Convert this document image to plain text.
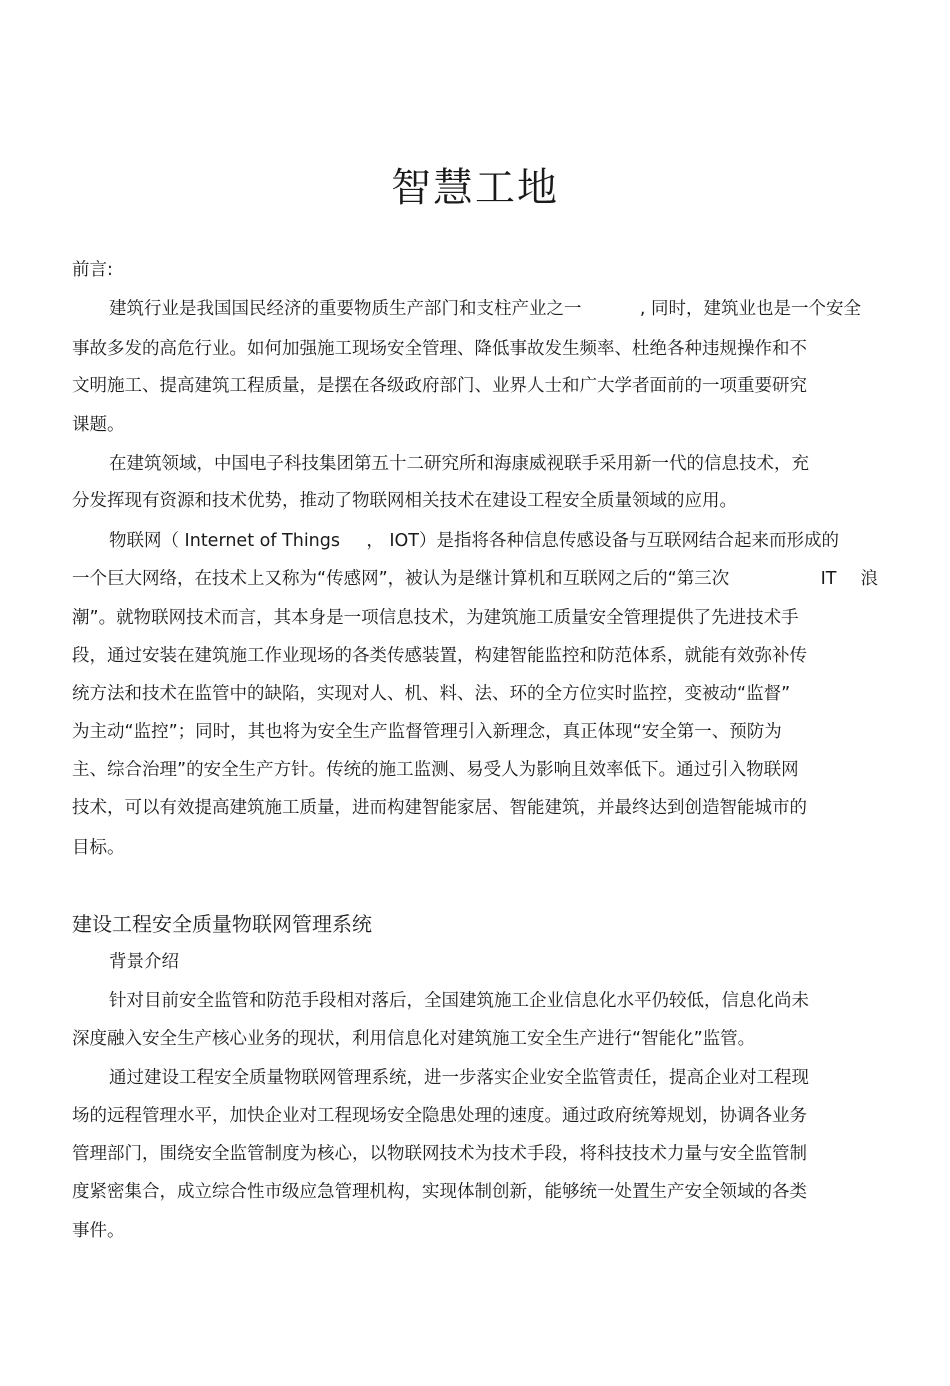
智慧工地

前言:

建筑行业是我国国民经济的重要物质生产部门和支柱产业之一	, 同时，建筑业也是一个安全

事故多发的高危行业。如何加强施工现场安全管理、降低事故发生频率、杜绝各种违规操作和不

文明施工、提高建筑工程质量，是摆在各级政府部门、业界人士和广大学者面前的一项重要研究

课题。

在建筑领域，中国电子科技集团第五十二研究所和海康威视联手采用新一代的信息技术，充

分发挥现有资源和技术优势，推动了物联网相关技术在建设工程安全质量领域的应用。

物联网（ Internet of Things ， IOT）是指将各种信息传感设备与互联网结合起来而形成的
一个巨大网络，在技术上又称为“传感网”，被认为是继计算机和互联网之后的“第三次	IT 浪

潮”。就物联网技术而言，其本身是一项信息技术，为建筑施工质量安全管理提供了先进技术手

段，通过安装在建筑施工作业现场的各类传感装置，构建智能监控和防范体系，就能有效弥补传

统方法和技术在监管中的缺陷，实现对人、机、料、法、环的全方位实时监控，变被动“监督”

为主动“监控”；同时，其也将为安全生产监督管理引入新理念，真正体现“安全第一、预防为

主、综合治理”的安全生产方针。传统的施工监测、易受人为影响且效率低下。通过引入物联网

技术，可以有效提高建筑施工质量，进而构建智能家居、智能建筑，并最终达到创造智能城市的

目标。

建设工程安全质量物联网管理系统

背景介绍

针对目前安全监管和防范手段相对落后，全国建筑施工企业信息化水平仍较低，信息化尚未

深度融入安全生产核心业务的现状，利用信息化对建筑施工安全生产进行“智能化”监管。

通过建设工程安全质量物联网管理系统，进一步落实企业安全监管责任，提高企业对工程现

场的远程管理水平，加快企业对工程现场安全隐患处理的速度。通过政府统筹规划，协调各业务

管理部门，围绕安全监管制度为核心，以物联网技术为技术手段，将科技技术力量与安全监管制

度紧密集合，成立综合性市级应急管理机构，实现体制创新，能够统一处置生产安全领域的各类

事件。
